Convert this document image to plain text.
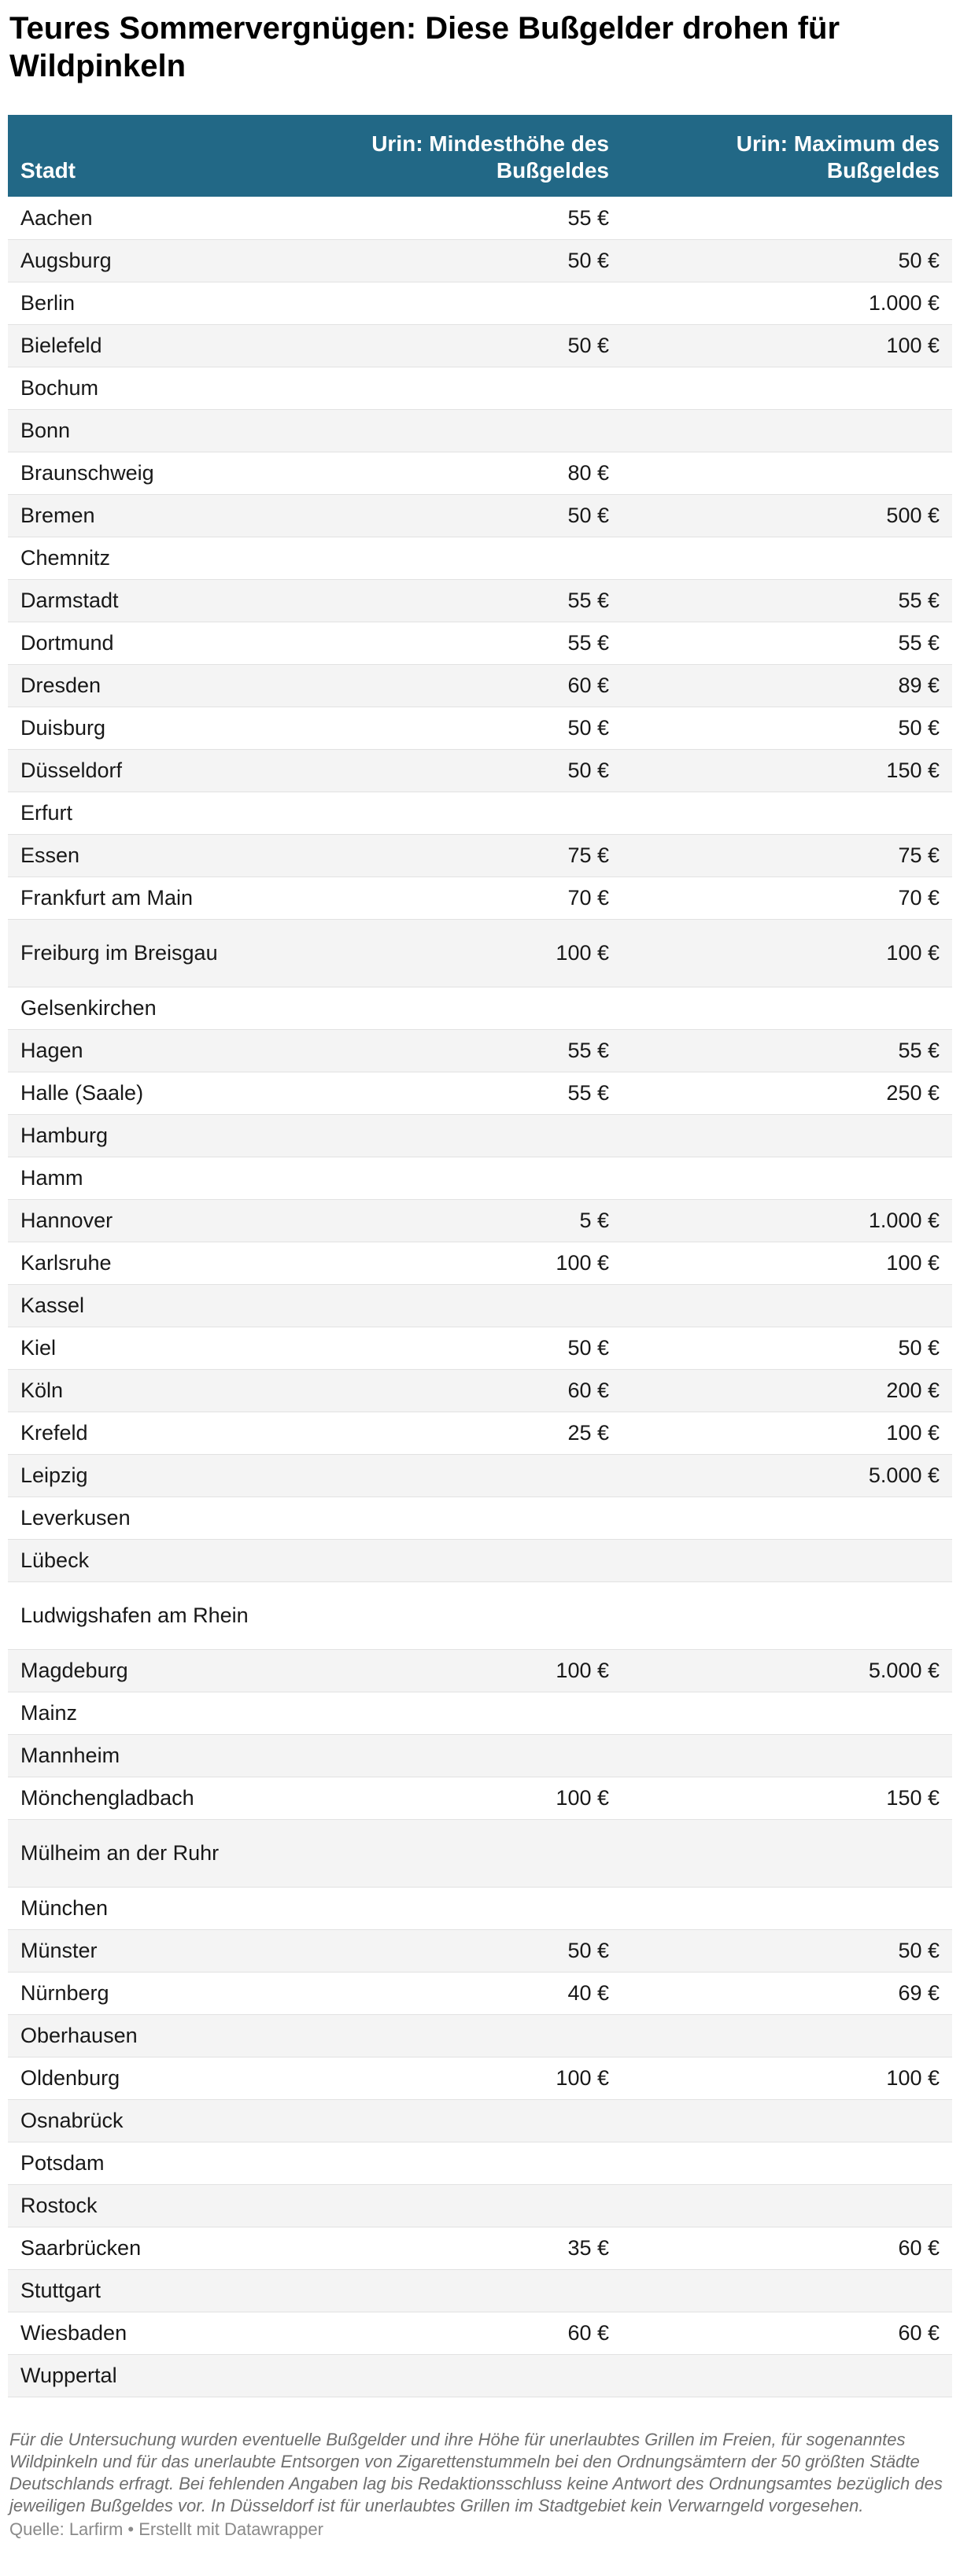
Teures Sommervergnügen: Diese Bußgelder drohen für Wildpinkeln
Stadt	Urin: Mindesthöhe des Bußgeldes	Urin: Maximum des Bußgeldes
Aachen	55 €	
Augsburg	50 €	50 €
Berlin		1.000 €
Bielefeld	50 €	100 €
Bochum		
Bonn		
Braunschweig	80 €	
Bremen	50 €	500 €
Chemnitz		
Darmstadt	55 €	55 €
Dortmund	55 €	55 €
Dresden	60 €	89 €
Duisburg	50 €	50 €
Düsseldorf	50 €	150 €
Erfurt		
Essen	75 €	75 €
Frankfurt am Main	70 €	70 €
Freiburg im Breisgau	100 €	100 €
Gelsenkirchen		
Hagen	55 €	55 €
Halle (Saale)	55 €	250 €
Hamburg		
Hamm		
Hannover	5 €	1.000 €
Karlsruhe	100 €	100 €
Kassel		
Kiel	50 €	50 €
Köln	60 €	200 €
Krefeld	25 €	100 €
Leipzig		5.000 €
Leverkusen		
Lübeck		
Ludwigshafen am Rhein		
Magdeburg	100 €	5.000 €
Mainz		
Mannheim		
Mönchengladbach	100 €	150 €
Mülheim an der Ruhr		
München		
Münster	50 €	50 €
Nürnberg	40 €	69 €
Oberhausen		
Oldenburg	100 €	100 €
Osnabrück		
Potsdam		
Rostock		
Saarbrücken	35 €	60 €
Stuttgart		
Wiesbaden	60 €	60 €
Wuppertal		
Für die Untersuchung wurden eventuelle Bußgelder und ihre Höhe für unerlaubtes Grillen im Freien, für sogenanntes Wildpinkeln und für das unerlaubte Entsorgen von Zigarettenstummeln bei den Ordnungsämtern der 50 größten Städte Deutschlands erfragt. Bei fehlenden Angaben lag bis Redaktionsschluss keine Antwort des Ordnungsamtes bezüglich des jeweiligen Bußgeldes vor. In Düsseldorf ist für unerlaubtes Grillen im Stadtgebiet kein Verwarngeld vorgesehen.
Quelle: Larfirm • Erstellt mit Datawrapper
